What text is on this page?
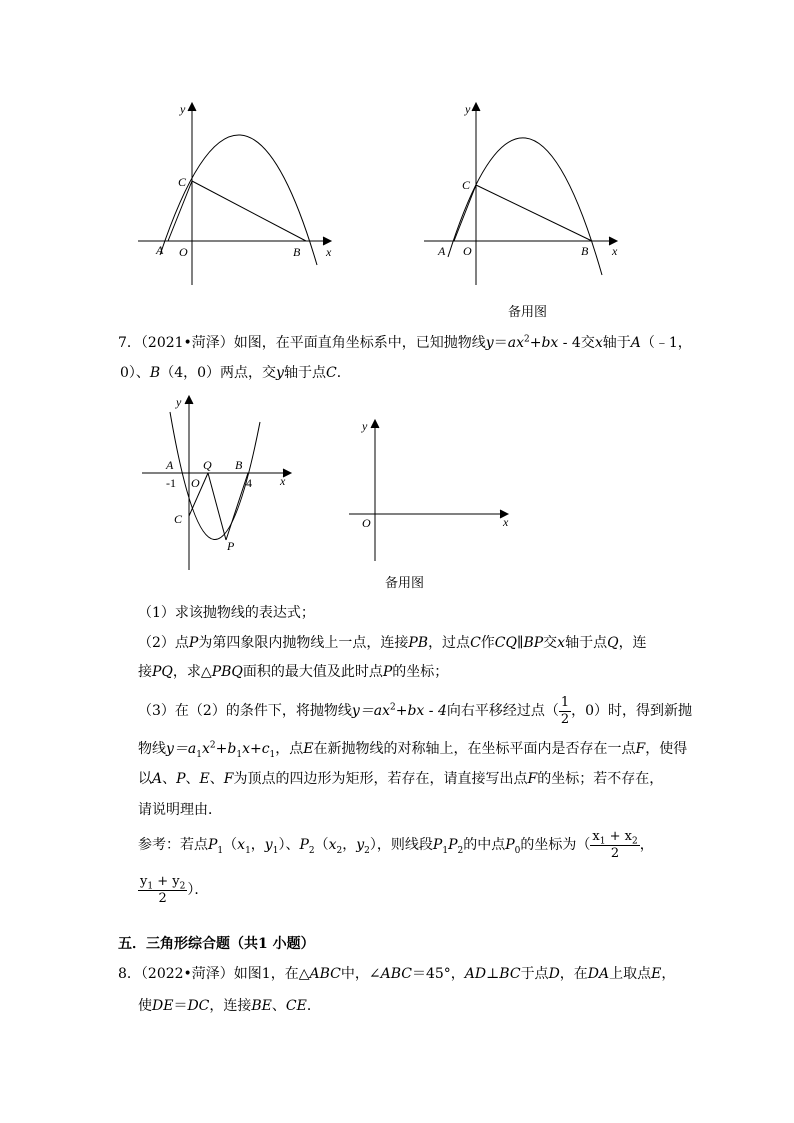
y
x
C
A O	B
y
x
C
A O	B
备用图
7．（2021•菏泽）如图，在平面直角坐标系中，已知抛物线$y=ax^2+bx - 4$交x轴于A（﹣1，
0）、B（4，0）两点，交y轴于点C．
y
x
A Q B
-1 O	4
C
P
y
x
O
备用图
（1）求该抛物线的表达式；
（2）点P为第四象限内抛物线上一点，连接PB，过点C作CQ∥BP交x轴于点Q，连
接PQ，求△PBQ面积的最大值及此时点P的坐标；
（3）在（2）的条件下，将抛物线$y=ax^2+bx - 4$向右平移经过点（ $\frac{1}{2}$ ，0）时，得到新抛
物线$y=a_1x^2+b_1x+c_1$，点E在新抛物线的对称轴上，在坐标平面内是否存在一点F，使得
以A、P、E、F为顶点的四边形为矩形，若存在，请直接写出点F的坐标；若不存在，
请说明理由．
参考：若点$P_1(x_1$，$y_1$）、$P_2(x_2$，$y_2$），则线段$P_1P_2$的中点$P_0$的坐标为（ $\frac{x_1 + x_2}{2}$ ，
$\frac{y_1 + y_2}{2}$ ）．
五．三角形综合题（共1 小题）
8．（2022•菏泽）如图1，在△ABC中，∠ABC＝45°，AD⊥BC于点D，在DA上取点E，
使DE＝DC，连接BE、CE．
